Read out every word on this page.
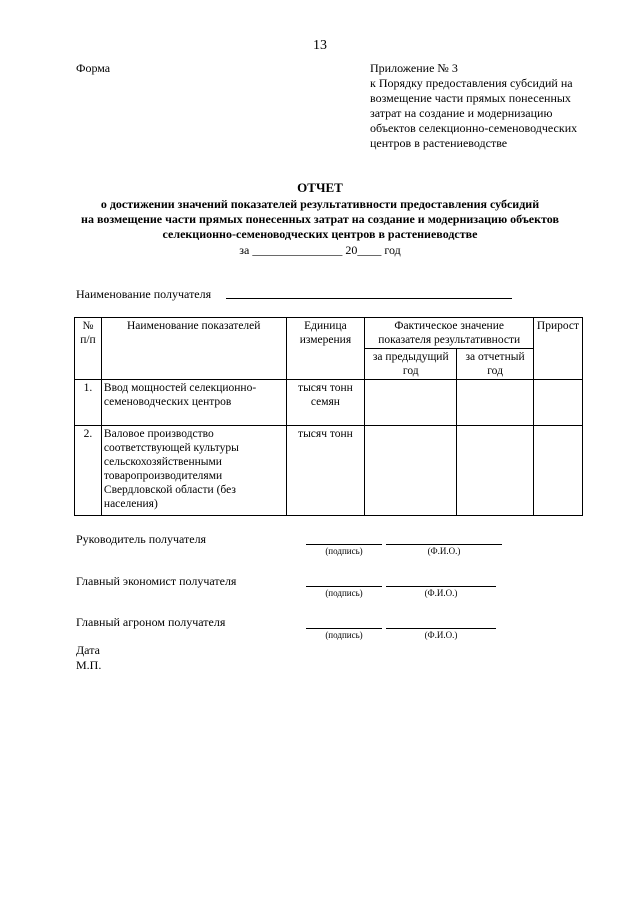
13
Форма	Приложение № 3
к Порядку предоставления субсидий на
возмещение части прямых понесенных
затрат на создание и модернизацию
объектов селекционно-семеноводческих
центров в растениеводстве
ОТЧЕТ
о достижении значений показателей результативности предоставления субсидий
на возмещение части прямых понесенных затрат на создание и модернизацию объектов
селекционно-семеноводческих центров в растениеводстве
за _______________ 20____ год
Наименование получателя
№ п/п	Наименование показателей	Единица измерения	Фактическое значение показателя результативности		Прирост
			за предыдущий год	за отчетный год	
1.	Ввод мощностей селекционно-семеноводческих центров	тысяч тонн семян			
2.	Валовое производство соответствующей культуры сельскохозяйственными товаропроизводителями Свердловской области (без населения)	тысяч тонн			
Руководитель получателя
(подпись)	(Ф.И.О.)
Главный экономист получателя
(подпись)	(Ф.И.О.)
Главный агроном получателя
(подпись)	(Ф.И.О.)
Дата
М.П.
